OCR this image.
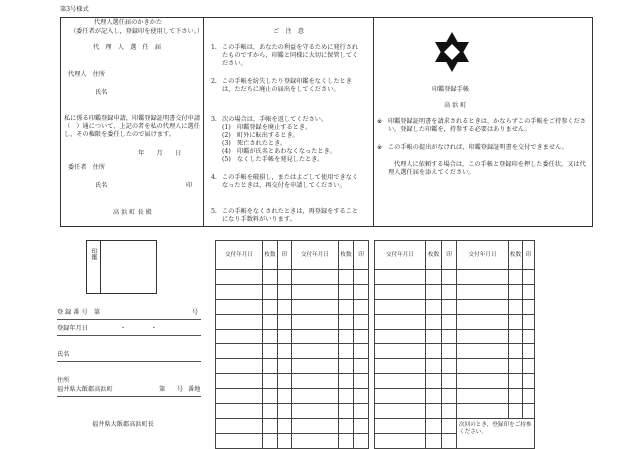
第3号様式
代理人選任届のかきかた
（委任者が記入し，登録印を使用して下さい。）
代　理　人　選　任　届
代理人　住所
氏名
私に係る印鑑登録申請，印鑑登録証明書交付申請（　）通について，上記の者を私の代理人に選任し，その権限を委任したので届けます。
年　　月　　日
委任者　住所
氏名	印
高 浜 町 長 殿
ご　注　意
1. この手帳は，あなたの利益を守るために発行されたものですから，印鑑と同様に大切に保管してください。
2. この手帳を紛失したり登録印鑑をなくしたときは，ただちに廃止の届出をしてください。
3. 次の場合は，手帳を返してください。
(1)　印鑑登録を廃止するとき。
(2)　町外に転出するとき。
(3)　死亡されたとき。
(4)　印鑑が氏名とあわなくなったとき。
(5)　なくした手帳を発見したとき。
4. この手帳を破損し，またはよごして使用できなくなったときは，再交付を申請してください。
5. この手帳をなくされたときは，再登録をすることになり手数料がいります。
印鑑登録手帳
高 浜 町
※ 印鑑登録証明書を請求されるときは，かならずこの手帳をご持参ください。登録した印鑑を，持参する必要はありません。
※ この手帳の提出がなければ，印鑑登録証明書を交付できません。
代理人に依頼する場合は，この手帳と登録印を押した委任状，又は代理人選任届を添えてください。
印鑑
登 録 番 号　第	号
登録年月日	・　　　　・
氏名
住所
福井県大飯郡高浜町	第 号 番地
福井県大飯郡高浜町長
交付年月日	枚数	印	交付年月日	枚数	印

						交付年月日	枚数	印	交付年月日	枚数	印

			次回のとき，登録印をご持参ください。		
